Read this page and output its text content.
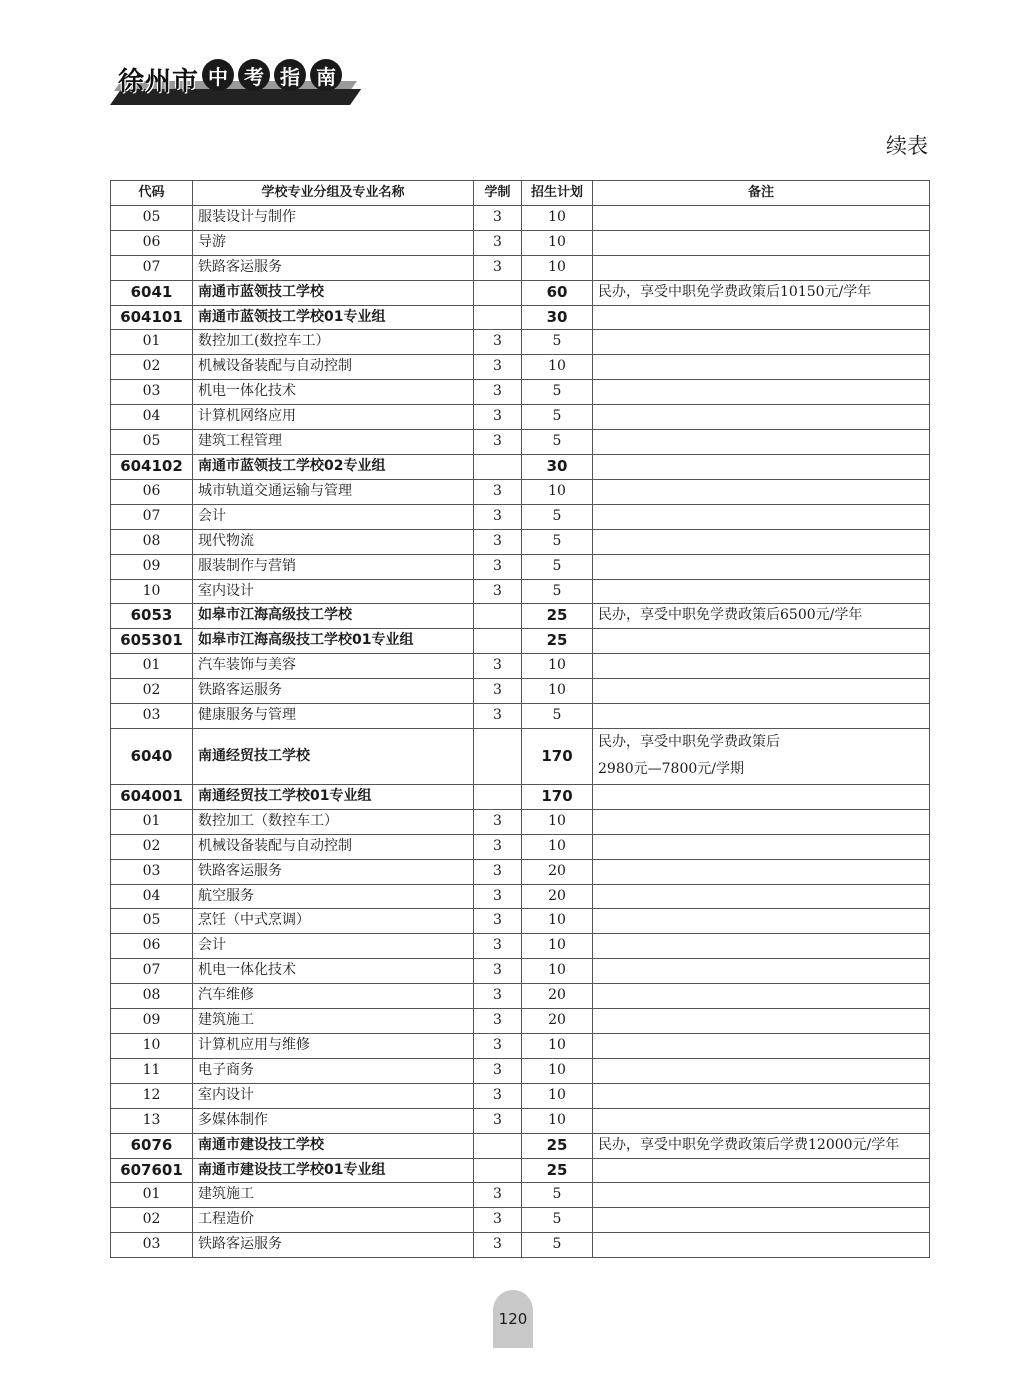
徐州市 中 考 指 南
续表
代码	学校专业分组及专业名称	学制	招生计划	备注
05	服装设计与制作	3	10	
06	导游	3	10	
07	铁路客运服务	3	10	
6041	南通市蓝领技工学校		60	民办，享受中职免学费政策后10150元/学年
604101	南通市蓝领技工学校01专业组		30	
01	数控加工(数控车工）	3	5	
02	机械设备装配与自动控制	3	10	
03	机电一体化技术	3	5	
04	计算机网络应用	3	5	
05	建筑工程管理	3	5	
604102	南通市蓝领技工学校02专业组		30	
06	城市轨道交通运输与管理	3	10	
07	会计	3	5	
08	现代物流	3	5	
09	服装制作与营销	3	5	
10	室内设计	3	5	
6053	如皋市江海高级技工学校		25	民办，享受中职免学费政策后6500元/学年
605301	如皋市江海高级技工学校01专业组		25	
01	汽车装饰与美容	3	10	
02	铁路客运服务	3	10	
03	健康服务与管理	3	5	
6040	南通经贸技工学校		170	民办，享受中职免学费政策后
2980元—7800元/学期

604001	南通经贸技工学校01专业组		170	
01	数控加工（数控车工）	3	10	
02	机械设备装配与自动控制	3	10	
03	铁路客运服务	3	20	
04	航空服务	3	20	
05	烹饪（中式烹调）	3	10	
06	会计	3	10	
07	机电一体化技术	3	10	
08	汽车维修	3	20	
09	建筑施工	3	20	
10	计算机应用与维修	3	10	
11	电子商务	3	10	
12	室内设计	3	10	
13	多媒体制作	3	10	
6076	南通市建设技工学校		25	民办，享受中职免学费政策后学费12000元/学年
607601	南通市建设技工学校01专业组		25	
01	建筑施工	3	5	
02	工程造价	3	5	
03	铁路客运服务	3	5	
120
